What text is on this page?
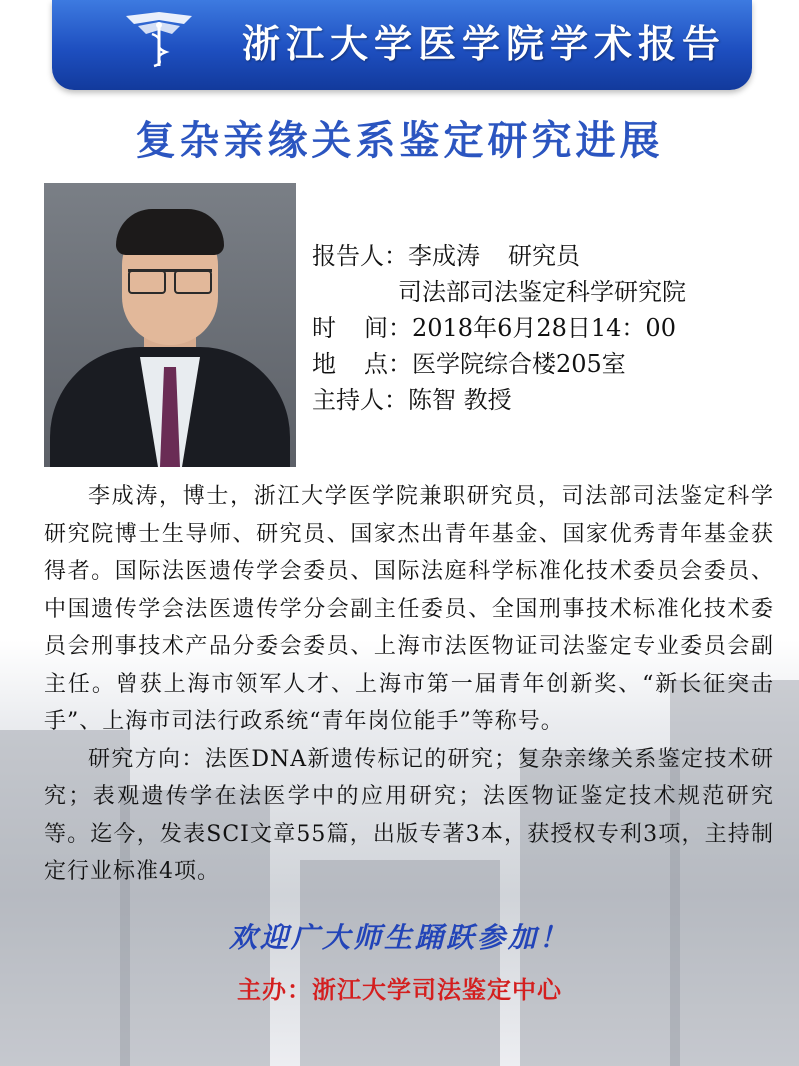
浙江大学医学院学术报告
复杂亲缘关系鉴定研究进展
报告人：李成涛 研究员
司法部司法鉴定科学研究院
时 间：2018年6月28日14：00
地 点：医学院综合楼205室
主持人：陈智 教授

李成涛，博士，浙江大学医学院兼职研究员，司法部司法鉴定科学研究院博士生导师、研究员、国家杰出青年基金、国家优秀青年基金获得者。国际法医遗传学会委员、国际法庭科学标准化技术委员会委员、中国遗传学会法医遗传学分会副主任委员、全国刑事技术标准化技术委员会刑事技术产品分委会委员、上海市法医物证司法鉴定专业委员会副主任。曾获上海市领军人才、上海市第一届青年创新奖、“新长征突击手”、上海市司法行政系统“青年岗位能手”等称号。

研究方向：法医DNA新遗传标记的研究；复杂亲缘关系鉴定技术研究；表观遗传学在法医学中的应用研究；法医物证鉴定技术规范研究等。迄今，发表SCI文章55篇，出版专著3本，获授权专利3项，主持制定行业标准4项。

欢迎广大师生踊跃参加！
主办：浙江大学司法鉴定中心
